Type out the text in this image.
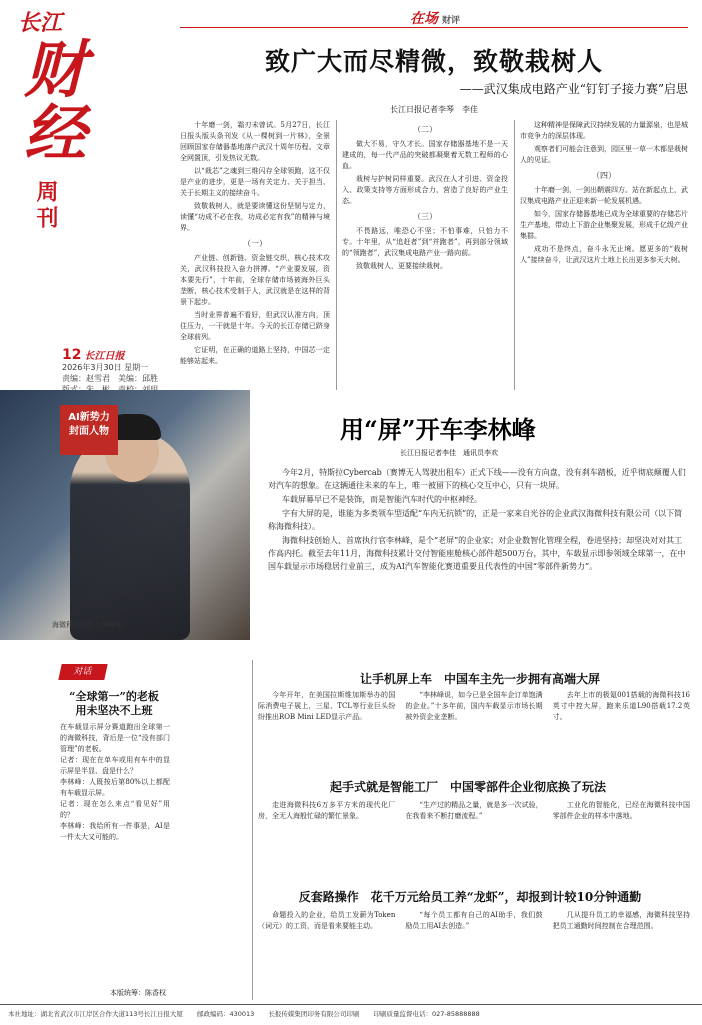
长江
财经
周刊
12 长江日报
2026年3月30日 星期一
责编：赵雪君　美编：邱胜
在场 财评
致广大而尽精微，致敬栽树人
——武汉集成电路产业“钉钉子接力赛”启思
长江日报记者李琴　李佳

十年磨一剑，霜刃未曾试。5月27日，长江日报头版头条刊发《从一棵树到一片林》，全景回顾国家存储器基地落户武汉十周年历程。文章全网置顶，引发热议无数。

以“栽芯”之魂到三维闪存全球领跑，这不仅是产业的进步，更是一场有关定力、关于担当、关于长期主义的接续奋斗。

致敬栽树人，就是要读懂这份坚韧与定力，读懂“功成不必在我，功成必定有我”的精神与境界。

（一）

产业链、创新链、资金链交织，核心技术攻关，武汉科技投入奋力拼搏。“产业要发展，资本要先行”，十年前，全球存储市场被海外巨头垄断，核心技术受制于人，武汉就是在这样的背景下起步。

当时业界普遍不看好，但武汉认准方向，顶住压力，一干就是十年。今天的长江存储已跻身全球前列。

它证明，在正确的道路上坚持，中国芯一定能够站起来。

（二）

做大不易，守久才长。国家存储器基地不是一天建成的，每一代产品的突破都凝聚着无数工程师的心血。

栽树与护树同样重要。武汉在人才引进、资金投入、政策支持等方面形成合力，营造了良好的产业生态。

（三）

不畏路远，唯恐心不坚；不怕事难，只怕力不专。十年里，从“追赶者”到“并跑者”，再到部分领域的“领跑者”，武汉集成电路产业一路向前。

致敬栽树人，更要接续栽树。

这种精神是保障武汉持续发展的力量源泉，也是城市竞争力的深层体现。

观察者们可能会注意到，园区里一草一木都是栽树人的见证。

（四）

十年磨一剑，一剑出鞘震四方。站在新起点上，武汉集成电路产业正迎来新一轮发展机遇。

如今，国家存储器基地已成为全球重要的存储芯片生产基地，带动上下游企业集聚发展，形成千亿级产业集群。

成功不是终点，奋斗永无止境。愿更多的“栽树人”接续奋斗，让武汉这片土地上长出更多参天大树。

AI新势力
封面人物
海微科技创始人李林峰。
用“屏”开车李林峰
长江日报记者李佳　通讯员李欢

今年2月，特斯拉Cybercab（赛博无人驾驶出租车）正式下线——没有方向盘，没有刹车踏板，近乎彻底颠覆人们对汽车的想象。在这辆通往未来的车上，唯一被留下的核心交互中心，只有一块屏。

车载屏幕早已不是装饰，而是智能汽车时代的中枢神经。

字有大屏的是，谁能为多类领车型适配“车内无抗锁”的，正是一家来自光谷的企业武汉海微科技有限公司（以下简称海微科技）。

海微科技创始人、首席执行官李林峰，是个“老屏”的企业家；对企业数智化管理全程，卷进坚持；却坚决对对其工作高内托。截至去年11月，海微科技累计交付智能座舱核心部件超500万台，其中，车载显示即参领域全球第一，在中国车载显示市场稳居行业前三，成为AI汽车智能化赛道重要且代表性的中国“零部件新势力”。

对话
“全球第一”的老板
用未坚决不上班
在车载显示屏分赛道跑出全球第一的海微科技，背后是一位“没有部门管理”的老板。
记者：现在在单车或用有车中的显示屏是半显、盘是什么？
李林峰：人既按后第80%以上都配有车载显示屏。
记者：现在怎么来点“看见好”用的？
李林峰：我给所有一件事是，AI是一件太大又可能的。
本版统筹：陈香权
让手机屏上车　中国车主先一步拥有高端大屏

今年开年，在美国拉斯维加斯举办的国际消费电子展上，三星、TCL等行业巨头纷纷推出ROB Mini LED显示产品。

“李林峰说，如今已是全国车企订单饱满的企业。”十多年前，国内车载显示市场长期被外资企业垄断。

去年上市的极氪001搭载的海微科技16英寸中控大屏，跑来乐道L90搭载17.2英寸。

起手式就是智能工厂　中国零部件企业彻底换了玩法

走进海微科技6万多平方米的现代化厂房，全无人海般忙碌的繁忙景象。

“生产过的精品之量，就是多一次试验，在我看来不断打磨流程。”

工业化的智能化，已经在海微科技中国零部件企业的样本中落地。

反套路操作　花千万元给员工养“龙虾”，却报到计较10分钟通勤

命题投入的企业，给员工发薪为Token（词元）的工资，而是看来要能主动。

“每个员工都有自己的AI助手，我们鼓励员工用AI去创造。”

几从提升员工的幸福感，海微科技坚持把员工通勤时间控制在合理范围。

本社地址：湖北省武汉市江岸区合作大道113号长江日报大厦 邮政编码：430013 长报传媒集团印务有限公司印刷 印刷质量监督电话：027-85888888
